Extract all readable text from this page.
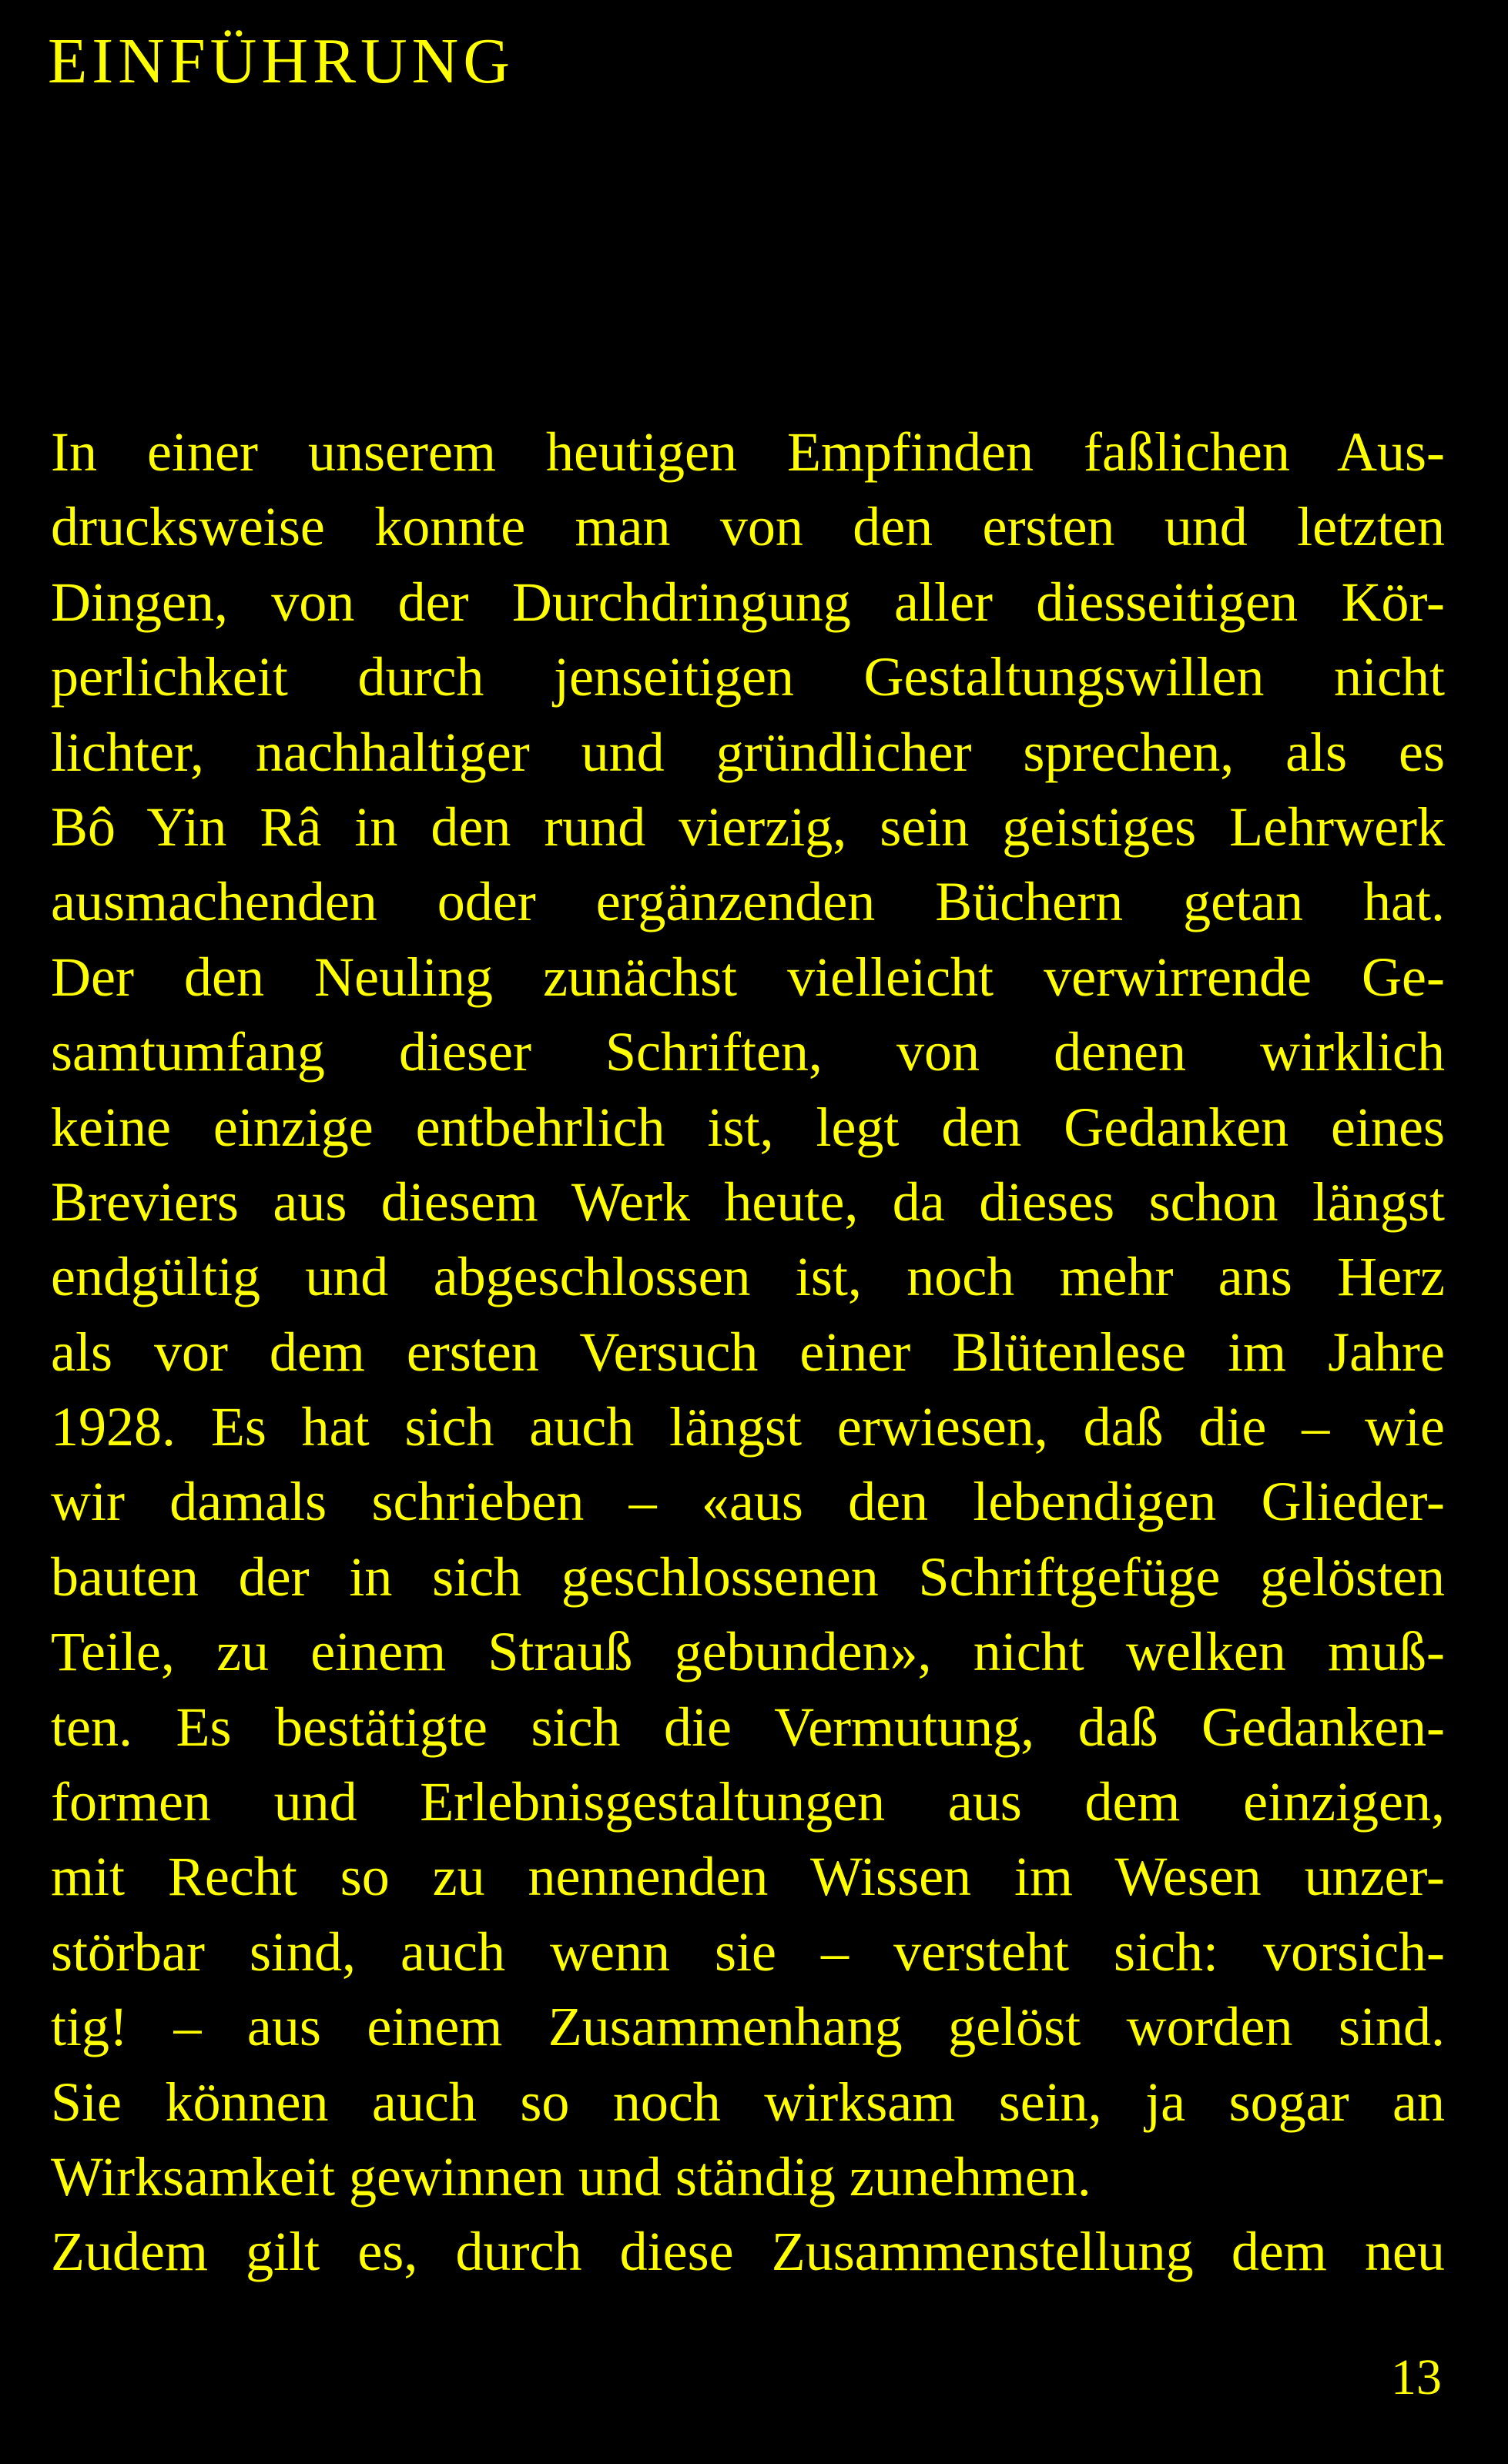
EINFÜHRUNG
In einer unserem heutigen Empfinden faßlichen Aus-
drucksweise konnte man von den ersten und letzten
Dingen, von der Durchdringung aller diesseitigen Kör-
perlichkeit durch jenseitigen Gestaltungswillen nicht
lichter, nachhaltiger und gründlicher sprechen, als es
Bô Yin Râ in den rund vierzig, sein geistiges Lehrwerk
ausmachenden oder ergänzenden Büchern getan hat.
Der den Neuling zunächst vielleicht verwirrende Ge-
samtumfang dieser Schriften, von denen wirklich
keine einzige entbehrlich ist, legt den Gedanken eines
Breviers aus diesem Werk heute, da dieses schon längst
endgültig und abgeschlossen ist, noch mehr ans Herz
als vor dem ersten Versuch einer Blütenlese im Jahre
1928. Es hat sich auch längst erwiesen, daß die – wie
wir damals schrieben – «aus den lebendigen Glieder-
bauten der in sich geschlossenen Schriftgefüge gelösten
Teile, zu einem Strauß gebunden», nicht welken muß-
ten. Es bestätigte sich die Vermutung, daß Gedanken-
formen und Erlebnisgestaltungen aus dem einzigen,
mit Recht so zu nennenden Wissen im Wesen unzer-
störbar sind, auch wenn sie – versteht sich: vorsich-
tig! – aus einem Zusammenhang gelöst worden sind.
Sie können auch so noch wirksam sein, ja sogar an
Wirksamkeit gewinnen und ständig zunehmen.
Zudem gilt es, durch diese Zusammenstellung dem neu
13
